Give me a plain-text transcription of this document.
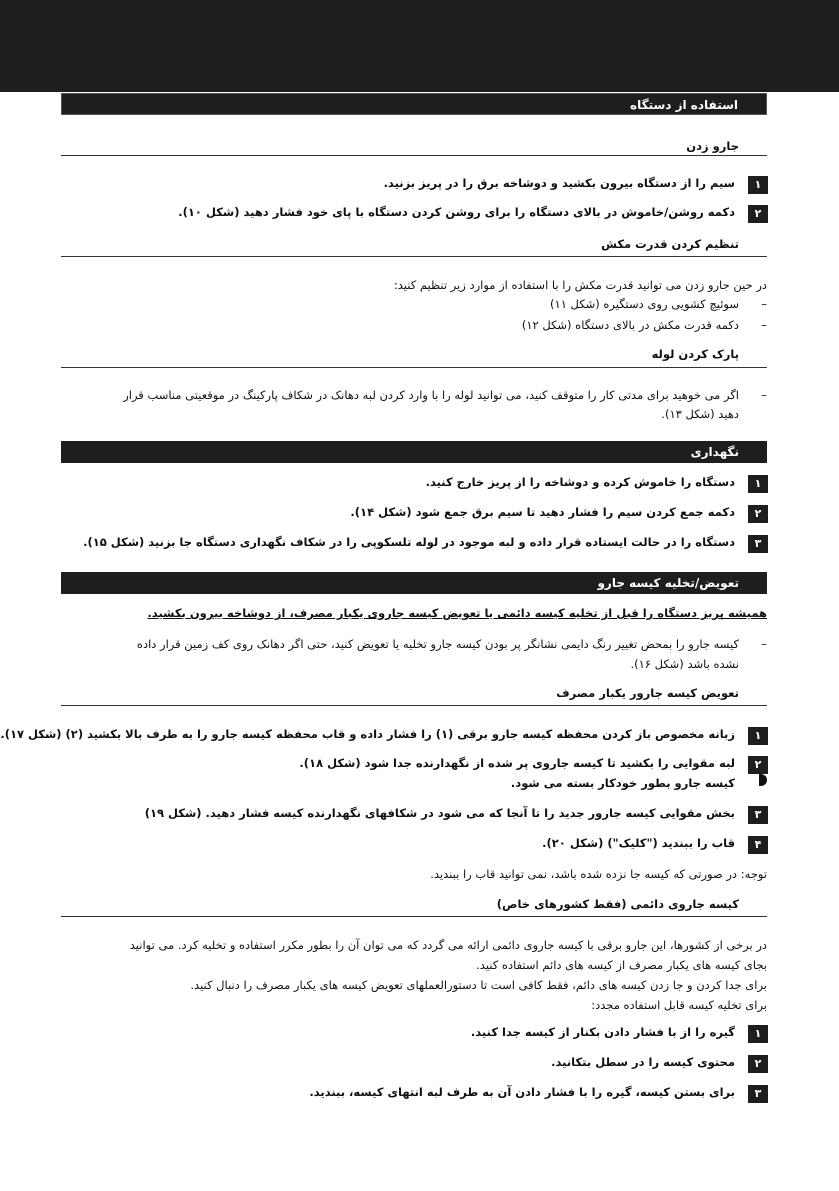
استفاده از دستگاه
جارو زدن
۱
سیم را از دستگاه بیرون بکشید و دوشاخه برق را در پریز بزنید.
۲
دکمه روشن/خاموش در بالای دستگاه را برای روشن کردن دستگاه با پای خود فشار دهید (شکل ۱۰).
تنظیم کردن قدرت مکش
در حین جارو زدن می توانید قدرت مکش را با استفاده از موارد زیر تنظیم کنید:
–
سوئیچ کشویی روی دستگیره (شکل ۱۱)
–
دکمه قدرت مکش در بالای دستگاه (شکل ۱۲)
پارک کردن لوله
–
اگر می خوهید برای مدتی کار را متوقف کنید، می توانید لوله را با وارد کردن لبه دهانک در شکاف پارکینگ در موقعیتی مناسب قرار
دهید (شکل ۱۳).
نگهداری
۱
دستگاه را خاموش کرده و دوشاخه را از پریز خارج کنید.
۲
دکمه جمع کردن سیم را فشار دهید تا سیم برق جمع شود (شکل ۱۴).
۳
دستگاه را در حالت ایستاده قرار داده و لبه موجود در لوله تلسکوپی را در شکاف نگهداری دستگاه جا بزنید (شکل ۱۵).
تعویض/تخلیه کیسه جارو
همیشه پریز دستگاه را قبل از تخلیه کیسه دائمی یا تعویض کیسه جاروی یکبار مصرف، از دوشاخه بیرون بکشید.
–
کیسه جارو را بمحض تغییر رنگ دایمی نشانگر پر بودن کیسه جارو تخلیه یا تعویض کنید، حتی اگر دهانک روی کف زمین قرار داده
نشده باشد (شکل ۱۶).
تعویض کیسه جارور یکبار مصرف
۱
زبانه مخصوص باز کردن محفظه کیسه جارو برقی (۱) را فشار داده و قاب محفظه کیسه جارو را به طرف بالا بکشید (۲) (شکل ۱۷).
۲
لبه مقوایی را بکشید تا کیسه جاروی پر شده از نگهدارنده جدا شود (شکل ۱۸).
کیسه جارو بطور خودکار بسته می شود.
۳
بخش مقوایی کیسه جارور جدید را تا آنجا که می شود در شکافهای نگهدارنده کیسه فشار دهید. (شکل ۱۹)
۴
قاب را ببندید ("کلیک") (شکل ۲۰).
توجه: در صورتی که کیسه جا نزده شده باشد، نمی توانید قاب را ببندید.
کیسه جاروی دائمی (فقط کشورهای خاص)
در برخی از کشورها، این جارو برقی با کیسه جاروی دائمی ارائه می گردد که می توان آن را بطور مکرر استفاده و تخلیه کرد. می توانید
بجای کیسه های یکبار مصرف از کیسه های دائم استفاده کنید.
برای جدا کردن و جا زدن کیسه های دائم، فقط کافی است تا دستورالعملهای تعویض کیسه های یکبار مصرف را دنبال کنید.
برای تخلیه کیسه قابل استفاده مجدد:
۱
گیره را از با فشار دادن بکنار از کیسه جدا کنید.
۲
محتوی کیسه را در سطل بتکانید.
۳
برای بستن کیسه، گیره را با فشار دادن آن به طرف لبه انتهای کیسه، ببندید.
